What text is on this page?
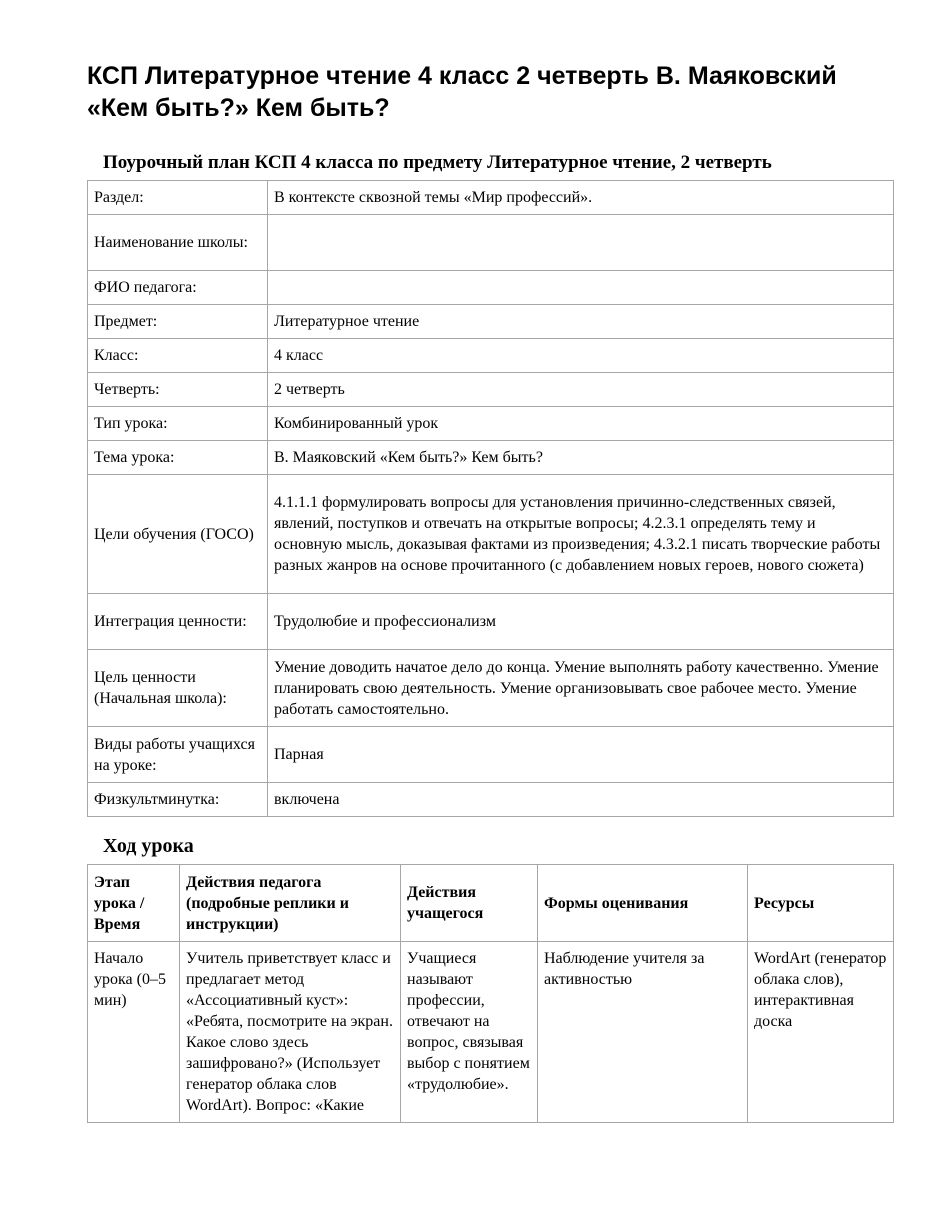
КСП Литературное чтение 4 класс 2 четверть В. Маяковский «Кем быть?» Кем быть?
Поурочный план КСП 4 класса по предмету Литературное чтение, 2 четверть
Раздел:	В контексте сквозной темы «Мир профессий».
Наименование школы:	
ФИО педагога:	
Предмет:	Литературное чтение
Класс:	4 класс
Четверть:	2 четверть
Тип урока:	Комбинированный урок
Тема урока:	В. Маяковский «Кем быть?» Кем быть?
Цели обучения (ГОСО)	4.1.1.1 формулировать вопросы для установления причинно-следственных связей, явлений, поступков и отвечать на открытые вопросы; 4.2.3.1 определять тему и основную мысль, доказывая фактами из произведения; 4.3.2.1 писать творческие работы разных жанров на основе прочитанного (с добавлением новых героев, нового сюжета)
Интеграция ценности:	Трудолюбие и профессионализм
Цель ценности (Начальная школа):	Умение доводить начатое дело до конца. Умение выполнять работу качественно. Умение планировать свою деятельность. Умение организовывать свое рабочее место. Умение работать самостоятельно.
Виды работы учащихся на уроке:	Парная
Физкультминутка:	включена
Ход урока
Этап урока / Время	Действия педагога (подробные реплики и инструкции)	Действия учащегося	Формы оценивания	Ресурсы
Начало урока (0–5 мин)	Учитель приветствует класс и предлагает метод «Ассоциативный куст»: «Ребята, посмотрите на экран. Какое слово здесь зашифровано?» (Использует генератор облака слов WordArt). Вопрос: «Какие	Учащиеся называют профессии, отвечают на вопрос, связывая выбор с понятием «трудолюбие».	Наблюдение учителя за активностью	WordArt (генератор облака слов), интерактивная доска
